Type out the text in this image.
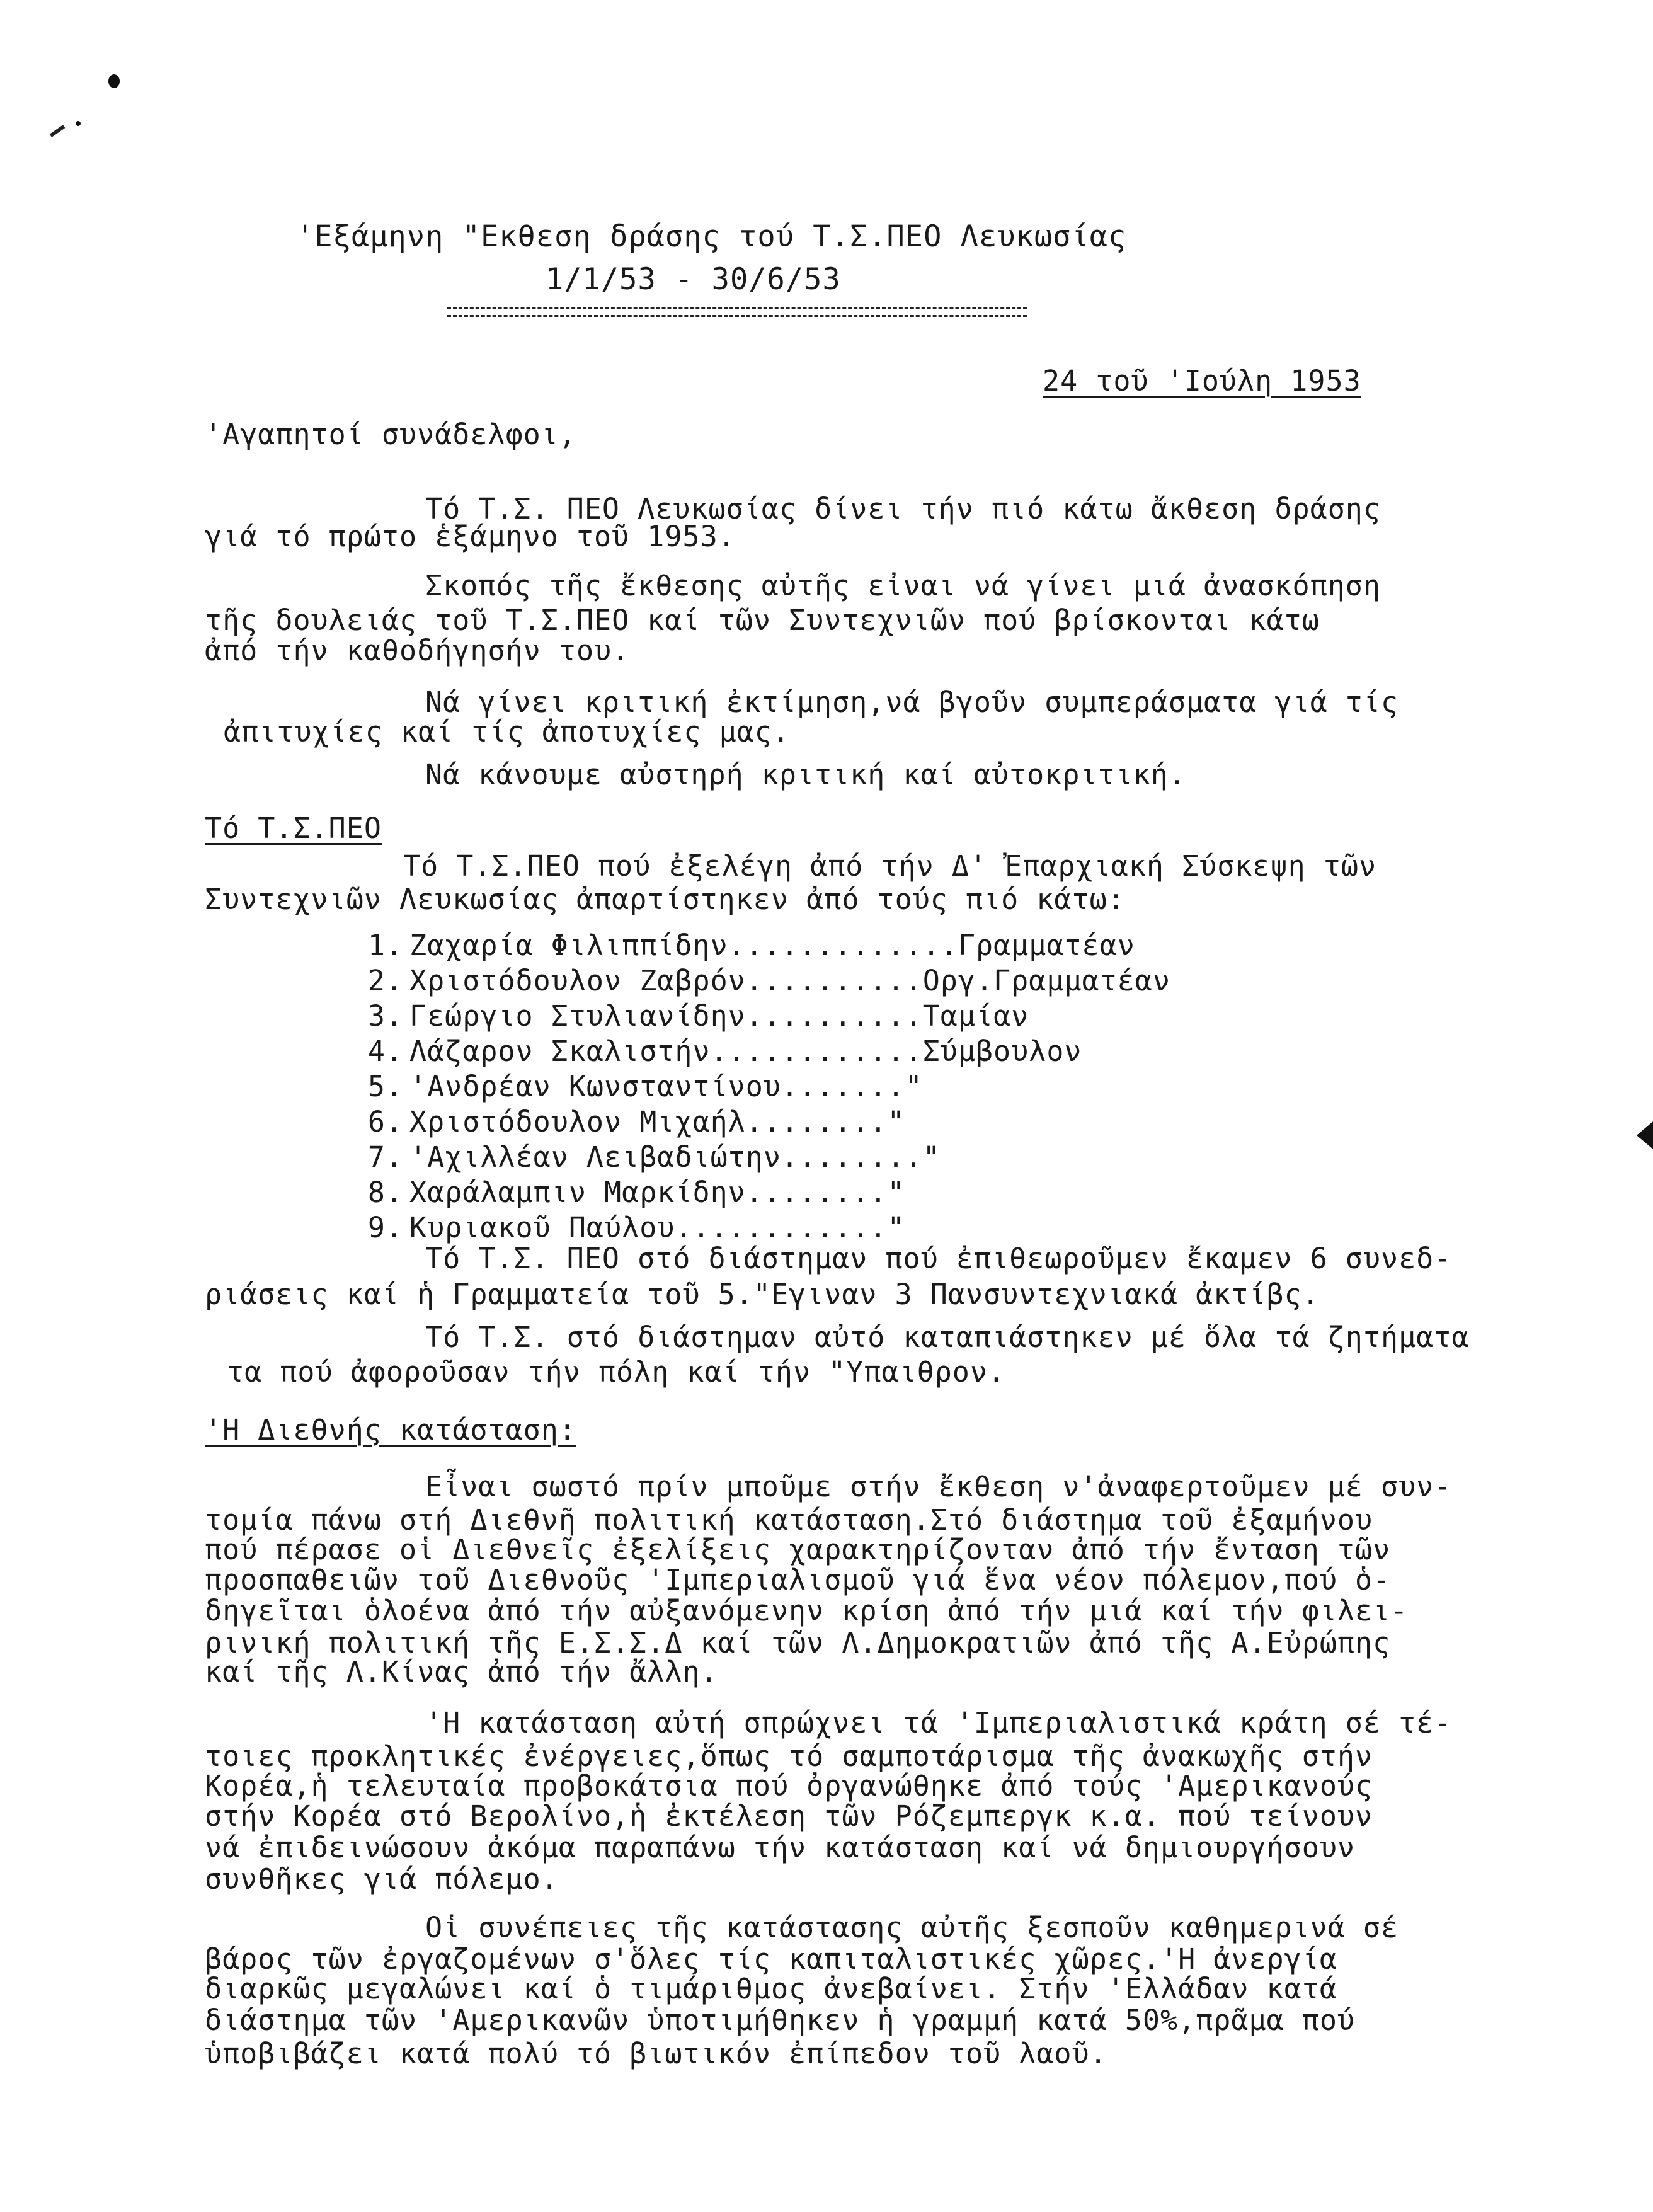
'Εξάμηνη "Εκθεση δράσης τού Τ.Σ.ΠΕΟ Λευκωσίας
1/1/53 - 30/6/53
24 τοῦ 'Ιούλη 1953
'Αγαπητοί συνάδελφοι,
Τό Τ.Σ. ΠΕΟ Λευκωσίας δίνει τήν πιό κάτω ἄκθεση δράσης
γιά τό πρώτο ἑξάμηνο τοῦ 1953.
Σκοπός τῆς ἔκθεσης αὐτῆς εἰναι νά γίνει μιά ἀνασκόπηση
τῆς δουλειάς τοῦ Τ.Σ.ΠΕΟ καί τῶν Συντεχνιῶν πού βρίσκονται κάτω
ἀπό τήν καθοδήγησήν του.
Νά γίνει κριτική ἐκτίμηση,νά βγοῦν συμπεράσματα γιά τίς
ἀπιτυχίες καί τίς ἀποτυχίες μας.
Νά κάνουμε αὐστηρή κριτική καί αὐτοκριτική.
Τό Τ.Σ.ΠΕΟ
Τό Τ.Σ.ΠΕΟ πού ἐξελέγη ἀπό τήν Δ' Ἐπαρχιακή Σύσκεψη τῶν
Συντεχνιῶν Λευκωσίας ἀπαρτίστηκεν ἀπό τούς πιό κάτω:
1. Ζαχαρία Φιλιππίδην.............Γραμματέαν
2. Χριστόδουλον Ζαβρόν..........Οργ.Γραμματέαν
3. Γεώργιο Στυλιανίδην..........Ταμίαν
4. Λάζαρον Σκαλιστήν............Σύμβουλον
5. 'Ανδρέαν Κωνσταντίνου......."
6. Χριστόδουλον Μιχαήλ........"
7. 'Αχιλλέαν Λειβαδιώτην........"
8. Χαράλαμπιν Μαρκίδην........"
9. Κυριακοῦ Παύλου............"
Τό Τ.Σ. ΠΕΟ στό διάστημαν πού ἐπιθεωροῦμεν ἔκαμεν 6 συνεδ-
ριάσεις καί ἡ Γραμματεία τοῦ 5."Εγιναν 3 Πανσυντεχνιακά ἀκτίβς.
Τό Τ.Σ. στό διάστημαν αὐτό καταπιάστηκεν μέ ὅλα τά ζητήματα
τα πού ἀφοροῦσαν τήν πόλη καί τήν "Υπαιθρον.
'Η Διεθνής κατάσταση:
Εἶναι σωστό πρίν μποῦμε στήν ἔκθεση ν'ἀναφερτοῦμεν μέ συν-
τομία πάνω στή Διεθνῆ πολιτική κατάσταση.Στό διάστημα τοῦ ἐξαμήνου
πού πέρασε οἱ Διεθνεῖς ἐξελίξεις χαρακτηρίζονταν ἀπό τήν ἔνταση τῶν
προσπαθειῶν τοῦ Διεθνοῦς 'Ιμπεριαλισμοῦ γιά ἕνα νέον πόλεμον,πού ὁ-
δηγεῖται ὁλοένα ἀπό τήν αὐξανόμενην κρίση ἀπό τήν μιά καί τήν φιλει-
ρινική πολιτική τῆς Ε.Σ.Σ.Δ καί τῶν Λ.Δημοκρατιῶν ἀπό τῆς Α.Εὐρώπης
καί τῆς Λ.Κίνας ἀπό τήν ἄλλη.
'Η κατάσταση αὐτή σπρώχνει τά 'Ιμπεριαλιστικά κράτη σέ τέ-
τοιες προκλητικές ἐνέργειες,ὅπως τό σαμποτάρισμα τῆς ἀνακωχῆς στήν
Κορέα,ἡ τελευταία προβοκάτσια πού ὀργανώθηκε ἀπό τούς 'Αμερικανούς
στήν Κορέα στό Βερολίνο,ἡ ἐκτέλεση τῶν Ρόζεμπεργκ κ.α. πού τείνουν
νά ἐπιδεινώσουν ἀκόμα παραπάνω τήν κατάσταση καί νά δημιουργήσουν
συνθῆκες γιά πόλεμο.
Οἱ συνέπειες τῆς κατάστασης αὐτῆς ξεσποῦν καθημερινά σέ
βάρος τῶν ἐργαζομένων σ'ὅλες τίς καπιταλιστικές χῶρες.'Η ἀνεργία
διαρκῶς μεγαλώνει καί ὁ τιμάριθμος ἀνεβαίνει. Στήν 'Ελλάδαν κατά
διάστημα τῶν 'Αμερικανῶν ὑποτιμήθηκεν ἡ γραμμή κατά 50%,πρᾶμα πού
ὑποβιβάζει κατά πολύ τό βιωτικόν ἐπίπεδον τοῦ λαοῦ.
